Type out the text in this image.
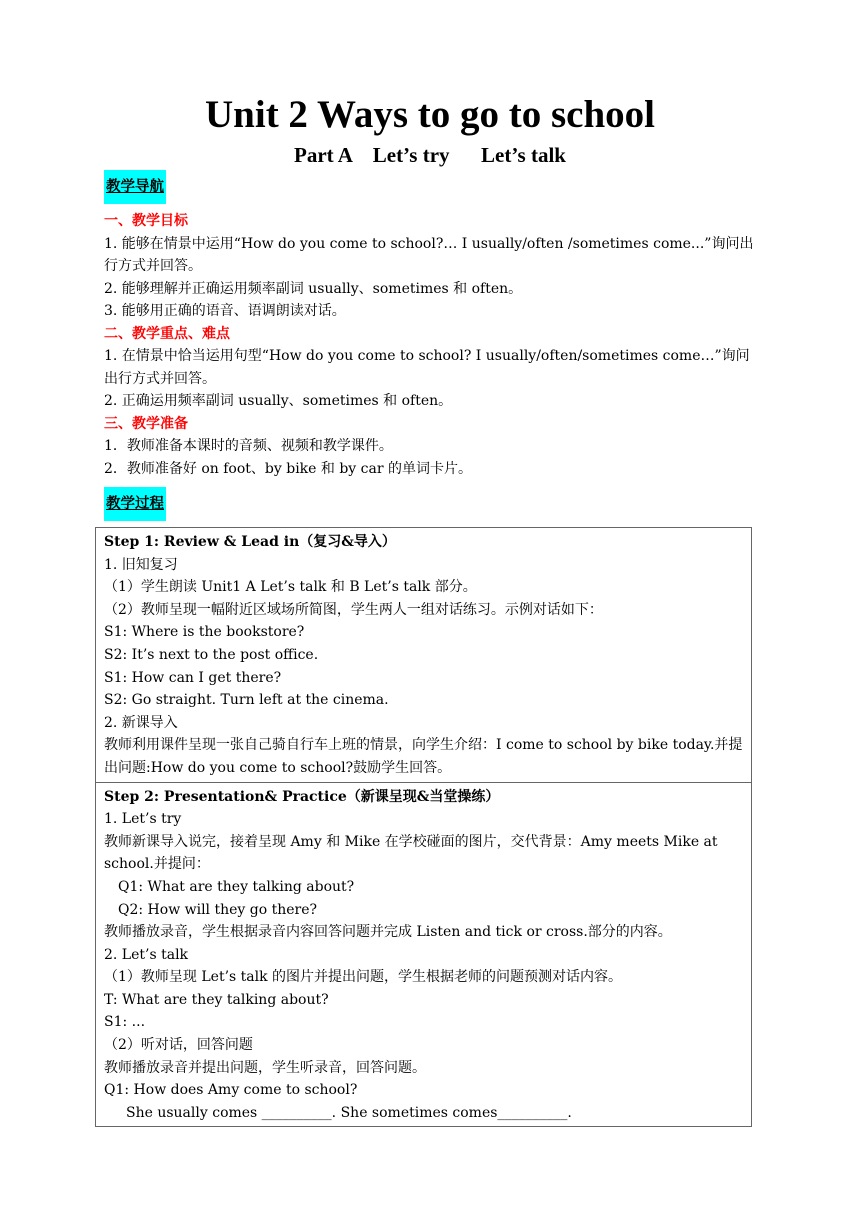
Unit 2 Ways to go to school
Part A    Let’s try      Let’s talk
教学导航
一、教学目标
1. 能够在情景中运用“How do you come to school?… I usually/often /sometimes come...”询问出行方式并回答。
2. 能够理解并正确运用频率副词 usually、sometimes 和 often。
3. 能够用正确的语音、语调朗读对话。
二、教学重点、难点
1. 在情景中恰当运用句型“How do you come to school? I usually/often/sometimes come…”询问出行方式并回答。
2. 正确运用频率副词 usually、sometimes 和 often。
三、教学准备
1．教师准备本课时的音频、视频和教学课件。
2．教师准备好 on foot、by bike 和 by car 的单词卡片。
教学过程
Step 1: Review & Lead in（复习&导入）
1. 旧知复习
（1）学生朗读 Unit1 A Let’s talk 和 B Let’s talk 部分。
（2）教师呈现一幅附近区域场所简图，学生两人一组对话练习。示例对话如下：
S1: Where is the bookstore?
S2: It’s next to the post office.
S1: How can I get there?
S2: Go straight. Turn left at the cinema.
2. 新课导入
教师利用课件呈现一张自己骑自行车上班的情景，向学生介绍：I come to school by bike today.并提出问题:How do you come to school?鼓励学生回答。

Step 2: Presentation& Practice（新课呈现&当堂操练）
1. Let’s try
教师新课导入说完，接着呈现 Amy 和 Mike 在学校碰面的图片，交代背景：Amy meets Mike at school.并提问：
Q1: What are they talking about?
Q2: How will they go there?
教师播放录音，学生根据录音内容回答问题并完成 Listen and tick or cross.部分的内容。
2. Let’s talk
（1）教师呈现 Let’s talk 的图片并提出问题，学生根据老师的问题预测对话内容。
T: What are they talking about?
S1: ...
（2）听对话，回答问题
教师播放录音并提出问题，学生听录音，回答问题。
Q1: How does Amy come to school?
She usually comes __________. She sometimes comes__________.
